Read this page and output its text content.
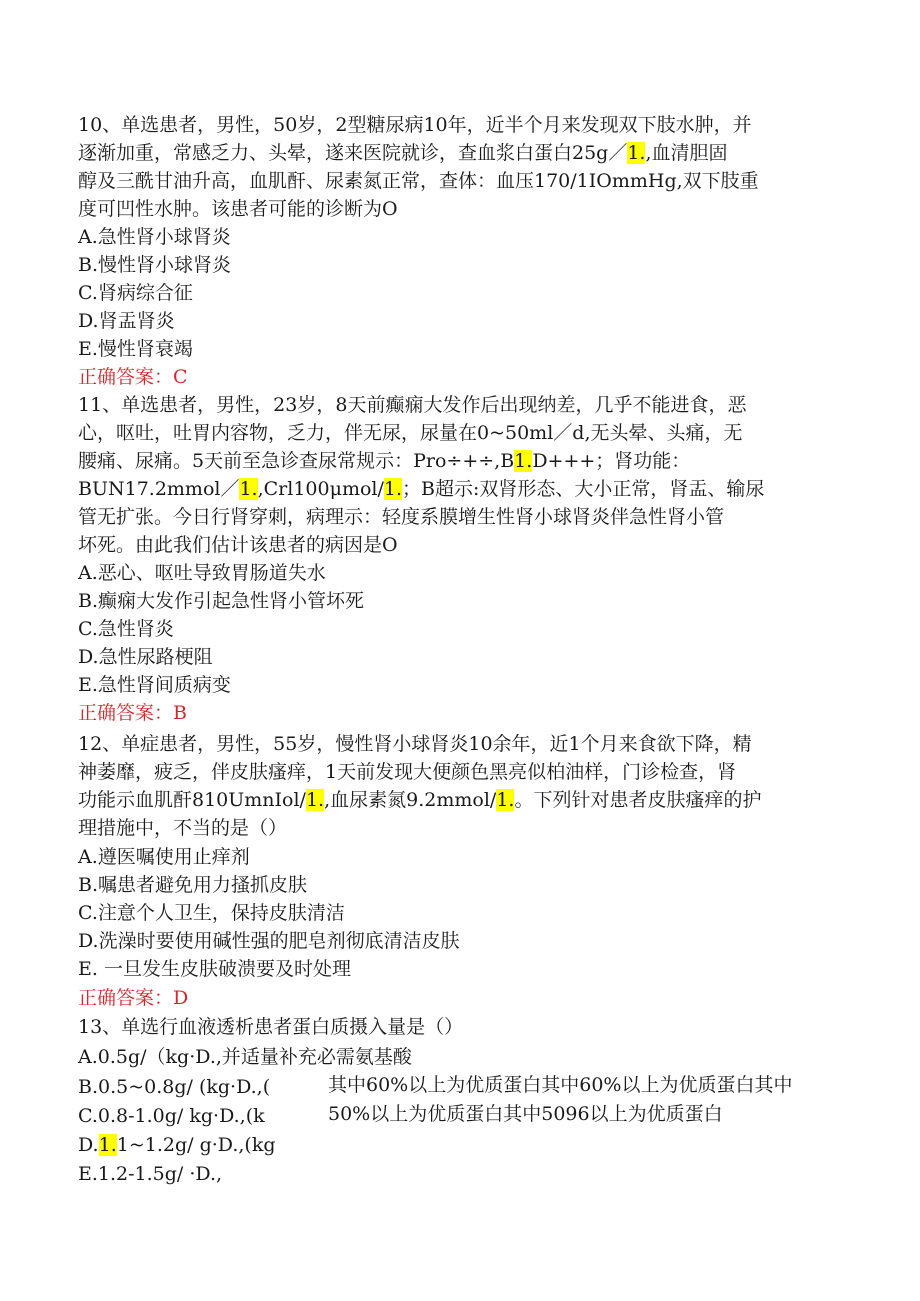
10、单选患者，男性，50岁，2型糖尿病10年，近半个月来发现双下肢水肿，并
逐渐加重，常感乏力、头晕，遂来医院就诊，查血浆白蛋白25g／1.,血清胆固
醇及三酰甘油升高，血肌酐、尿素氮正常，查体：血压170/1IOmmHg,双下肢重
度可凹性水肿。该患者可能的诊断为O
A.急性肾小球肾炎
B.慢性肾小球肾炎
C.肾病综合征
D.肾盂肾炎
E.慢性肾衰竭
正确答案：C
11、单选患者，男性，23岁，8天前癫痫大发作后出现纳差，几乎不能进食，恶
心，呕吐，吐胃内容物，乏力，伴无尿，尿量在0~50ml／d,无头晕、头痛，无
腰痛、尿痛。5天前至急诊查尿常规示：Pro÷+÷,B1.D+++；肾功能：
BUN17.2mmol／1.,Crl100μmol/1.；B超示:双肾形态、大小正常，肾盂、输尿
管无扩张。今日行肾穿刺，病理示：轻度系膜增生性肾小球肾炎伴急性肾小管
坏死。由此我们估计该患者的病因是O
A.恶心、呕吐导致胃肠道失水
B.癫痫大发作引起急性肾小管坏死
C.急性肾炎
D.急性尿路梗阻
E.急性肾间质病变
正确答案：B
12、单症患者，男性，55岁，慢性肾小球肾炎10余年，近1个月来食欲下降，精
神萎靡，疲乏，伴皮肤瘙痒，1天前发现大便颜色黑亮似柏油样，门诊检查，肾
功能示血肌酐810UmnIol/1.,血尿素氮9.2mmol/1.。下列针对患者皮肤瘙痒的护
理措施中，不当的是（）
A.遵医嘱使用止痒剂
B.嘱患者避免用力搔抓皮肤
C.注意个人卫生，保持皮肤清洁
D.洗澡时要使用碱性强的肥皂剂彻底清洁皮肤
E. 一旦发生皮肤破溃要及时处理
正确答案：D
13、单选行血液透析患者蛋白质摄入量是（）
A.0.5g/（kg·D.,并适量补充必需氨基酸
B.0.5~0.8g/ (kg·D.,(
C.0.8-1.0g/ kg·D.,(k
D.1.1~1.2g/ g·D.,(kg
E.1.2-1.5g/ ·D.,
其中60%以上为优质蛋白其中60%以上为优质蛋白其中
50%以上为优质蛋白其中5096以上为优质蛋白
